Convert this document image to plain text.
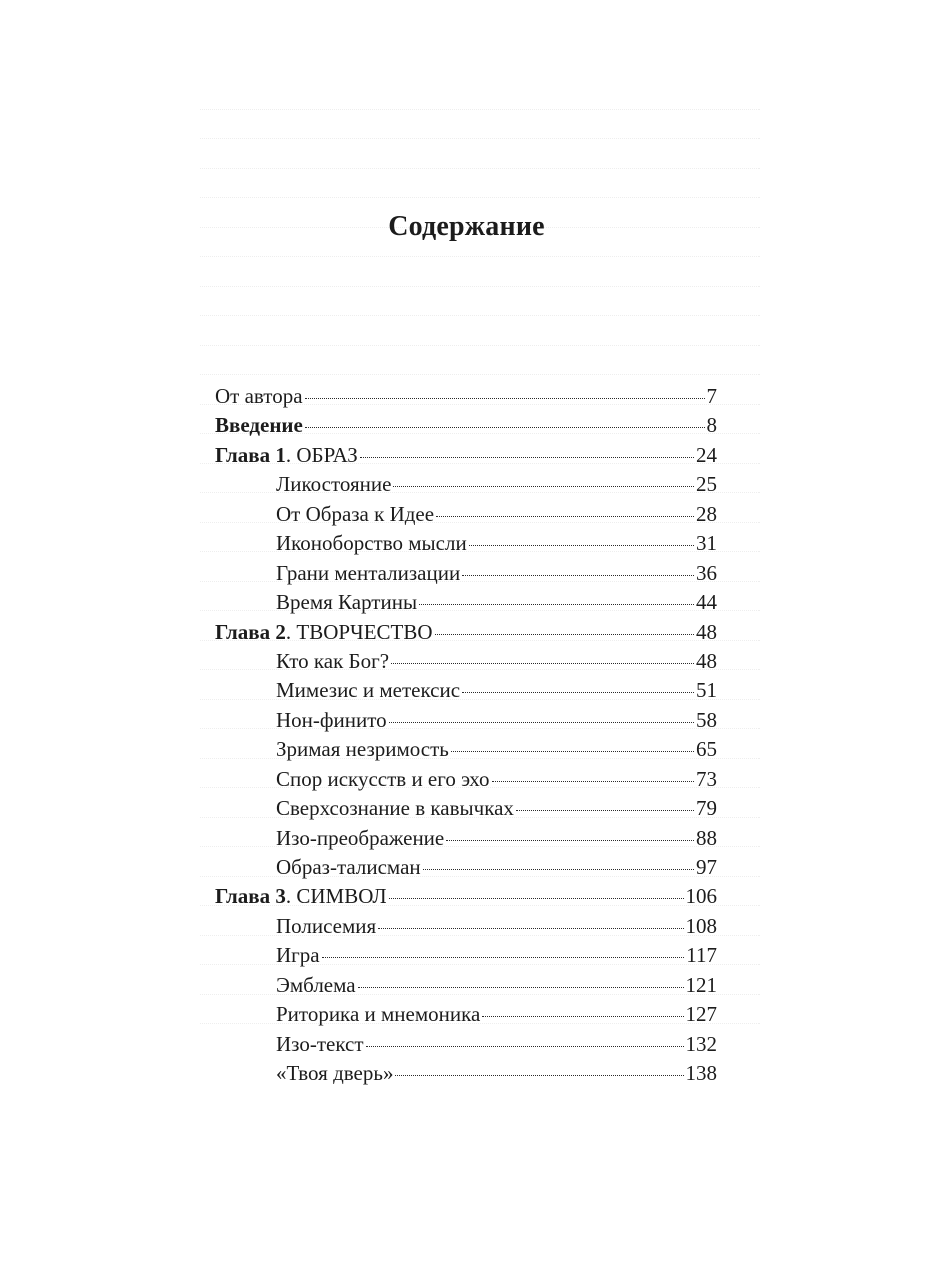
Содержание
От автора	7
Введение	8
Глава 1. ОБРАЗ	24
Ликостояние	25
От Образа к Идее	28
Иконоборство мысли	31
Грани ментализации	36
Время Картины	44
Глава 2. ТВОРЧЕСТВО	48
Кто как Бог?	48
Мимезис и метексис	51
Нон-финито	58
Зримая незримость	65
Спор искусств и его эхо	73
Сверхсознание в кавычках	79
Изо-преображение	88
Образ-талисман	97
Глава 3. СИМВОЛ	106
Полисемия	108
Игра	117
Эмблема	121
Риторика и мнемоника	127
Изо-текст	132
«Твоя дверь»	138
